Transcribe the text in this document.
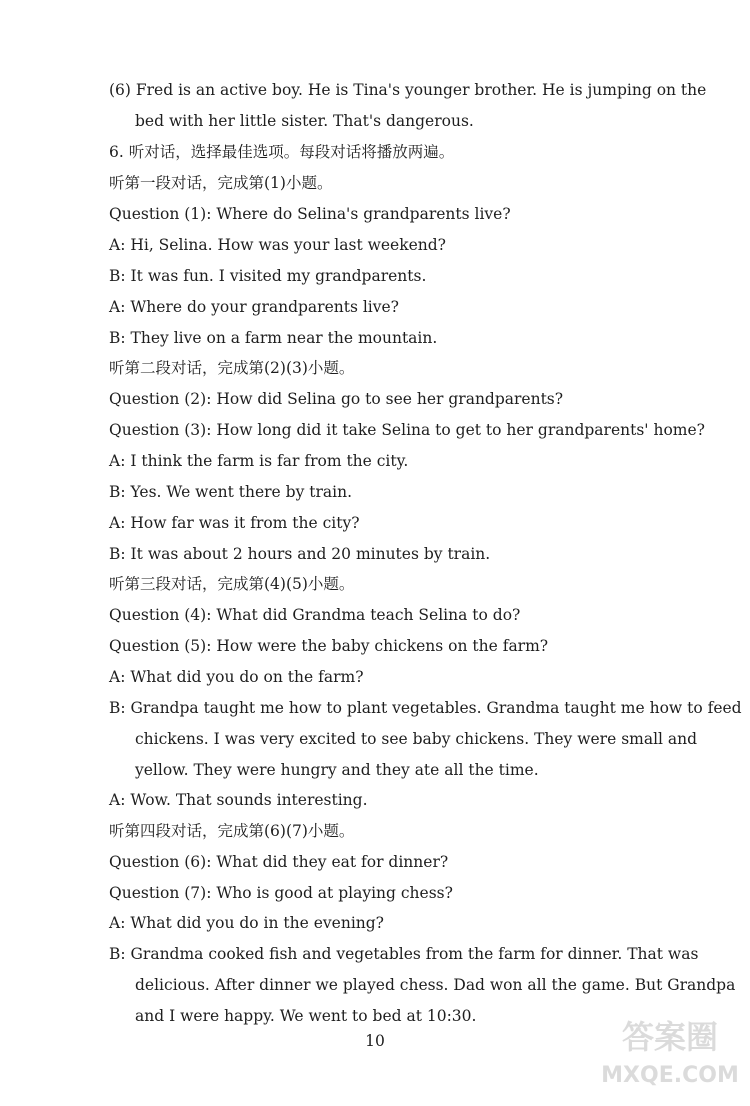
(6) Fred is an active boy. He is Tina's younger brother. He is jumping on the
bed with her little sister. That's dangerous.
6. 听对话，选择最佳选项。每段对话将播放两遍。
听第一段对话，完成第(1)小题。
Question (1): Where do Selina's grandparents live?
A: Hi, Selina. How was your last weekend?
B: It was fun. I visited my grandparents.
A: Where do your grandparents live?
B: They live on a farm near the mountain.
听第二段对话，完成第(2)(3)小题。
Question (2): How did Selina go to see her grandparents?
Question (3): How long did it take Selina to get to her grandparents' home?
A: I think the farm is far from the city.
B: Yes. We went there by train.
A: How far was it from the city?
B: It was about 2 hours and 20 minutes by train.
听第三段对话，完成第(4)(5)小题。
Question (4): What did Grandma teach Selina to do?
Question (5): How were the baby chickens on the farm?
A: What did you do on the farm?
B: Grandpa taught me how to plant vegetables. Grandma taught me how to feed
chickens. I was very excited to see baby chickens. They were small and
yellow. They were hungry and they ate all the time.
A: Wow. That sounds interesting.
听第四段对话，完成第(6)(7)小题。
Question (6): What did they eat for dinner?
Question (7): Who is good at playing chess?
A: What did you do in the evening?
B: Grandma cooked fish and vegetables from the farm for dinner. That was
delicious. After dinner we played chess. Dad won all the game. But Grandpa
and I were happy. We went to bed at 10:30.
10	答案圈
MXQE.COM
